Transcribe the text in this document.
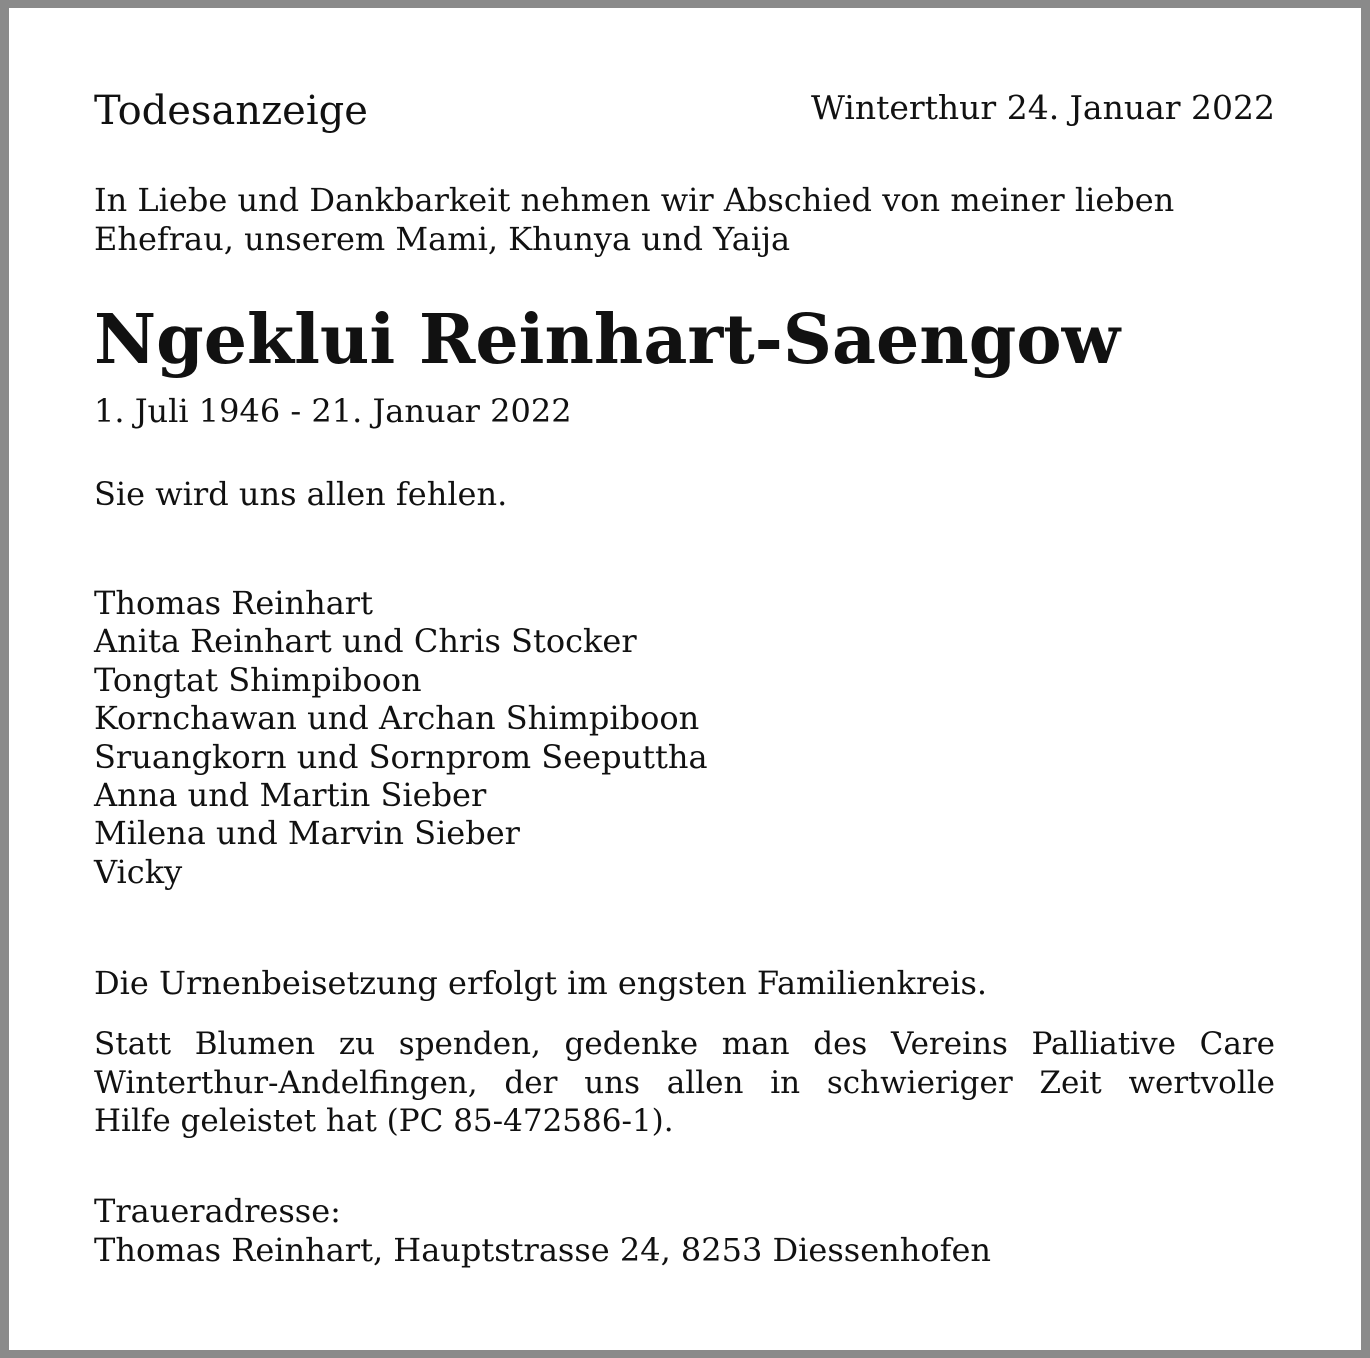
Todesanzeige	Winterthur 24. Januar 2022
In Liebe und Dankbarkeit nehmen wir Abschied von meiner lieben
Ehefrau, unserem Mami, Khunya und Yaija
Ngeklui Reinhart-Saengow
1. Juli 1946 - 21. Januar 2022
Sie wird uns allen fehlen.
Thomas Reinhart
Anita Reinhart und Chris Stocker
Tongtat Shimpiboon
Kornchawan und Archan Shimpiboon
Sruangkorn und Sornprom Seeputtha
Anna und Martin Sieber
Milena und Marvin Sieber
Vicky
Die Urnenbeisetzung erfolgt im engsten Familienkreis.

Statt Blumen zu spenden, gedenke man des Vereins Palliative Care
Winterthur-Andelfingen, der uns allen in schwieriger Zeit wertvolle
Hilfe geleistet hat (PC 85-472586-1).

Traueradresse:
Thomas Reinhart, Hauptstrasse 24, 8253 Diessenhofen
